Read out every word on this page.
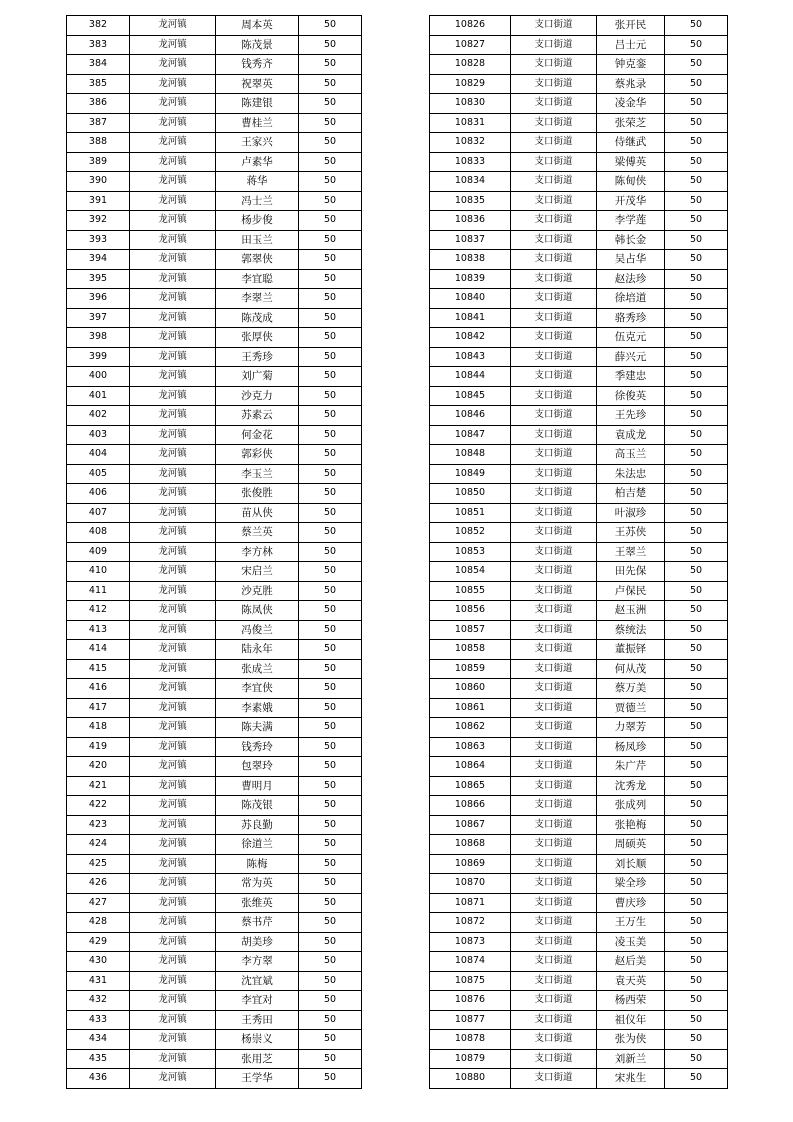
382	龙河镇	周本英	50
383	龙河镇	陈茂景	50
384	龙河镇	钱秀齐	50
385	龙河镇	祝翠英	50
386	龙河镇	陈建银	50
387	龙河镇	曹桂兰	50
388	龙河镇	王家兴	50
389	龙河镇	卢素华	50
390	龙河镇	蒋华	50
391	龙河镇	冯士兰	50
392	龙河镇	杨步俊	50
393	龙河镇	田玉兰	50
394	龙河镇	郭翠侠	50
395	龙河镇	李宜聪	50
396	龙河镇	李翠兰	50
397	龙河镇	陈茂成	50
398	龙河镇	张厚侠	50
399	龙河镇	王秀珍	50
400	龙河镇	刘广菊	50
401	龙河镇	沙克力	50
402	龙河镇	苏素云	50
403	龙河镇	何金花	50
404	龙河镇	郭彩侠	50
405	龙河镇	李玉兰	50
406	龙河镇	张俊胜	50
407	龙河镇	苗从侠	50
408	龙河镇	蔡兰英	50
409	龙河镇	李方林	50
410	龙河镇	宋启兰	50
411	龙河镇	沙克胜	50
412	龙河镇	陈凤侠	50
413	龙河镇	冯俊兰	50
414	龙河镇	陆永年	50
415	龙河镇	张成兰	50
416	龙河镇	李宜侠	50
417	龙河镇	李素娥	50
418	龙河镇	陈夫满	50
419	龙河镇	钱秀玲	50
420	龙河镇	包翠玲	50
421	龙河镇	曹明月	50
422	龙河镇	陈茂银	50
423	龙河镇	苏良勤	50
424	龙河镇	徐道兰	50
425	龙河镇	陈梅	50
426	龙河镇	常为英	50
427	龙河镇	张维英	50
428	龙河镇	蔡书芹	50
429	龙河镇	胡美珍	50
430	龙河镇	李方翠	50
431	龙河镇	沈宜斌	50
432	龙河镇	李宜对	50
433	龙河镇	王秀田	50
434	龙河镇	杨崇义	50
435	龙河镇	张用芝	50
436	龙河镇	王学华	50
10826	支口街道	张开民	50
10827	支口街道	吕士元	50
10828	支口街道	钟克銮	50
10829	支口街道	蔡兆录	50
10830	支口街道	凌金华	50
10831	支口街道	张荣芝	50
10832	支口街道	侍继武	50
10833	支口街道	梁傅英	50
10834	支口街道	陈甸侠	50
10835	支口街道	开茂华	50
10836	支口街道	李学莲	50
10837	支口街道	韩长金	50
10838	支口街道	吴占华	50
10839	支口街道	赵法珍	50
10840	支口街道	徐培道	50
10841	支口街道	骆秀珍	50
10842	支口街道	伍克元	50
10843	支口街道	薛兴元	50
10844	支口街道	季建忠	50
10845	支口街道	徐俊英	50
10846	支口街道	王先珍	50
10847	支口街道	袁成龙	50
10848	支口街道	高玉兰	50
10849	支口街道	朱法忠	50
10850	支口街道	柏吉楚	50
10851	支口街道	叶淑珍	50
10852	支口街道	王苏侠	50
10853	支口街道	王翠兰	50
10854	支口街道	田先保	50
10855	支口街道	卢保民	50
10856	支口街道	赵玉洲	50
10857	支口街道	蔡统法	50
10858	支口街道	董振铎	50
10859	支口街道	何从茂	50
10860	支口街道	蔡万美	50
10861	支口街道	贾德兰	50
10862	支口街道	力翠芳	50
10863	支口街道	杨凤珍	50
10864	支口街道	朱广芹	50
10865	支口街道	沈秀龙	50
10866	支口街道	张成列	50
10867	支口街道	张艳梅	50
10868	支口街道	周硕英	50
10869	支口街道	刘长顺	50
10870	支口街道	梁全珍	50
10871	支口街道	曹庆珍	50
10872	支口街道	王万生	50
10873	支口街道	凌玉美	50
10874	支口街道	赵后美	50
10875	支口街道	袁天英	50
10876	支口街道	杨西荣	50
10877	支口街道	祖仪年	50
10878	支口街道	张为侠	50
10879	支口街道	刘新兰	50
10880	支口街道	宋兆生	50
